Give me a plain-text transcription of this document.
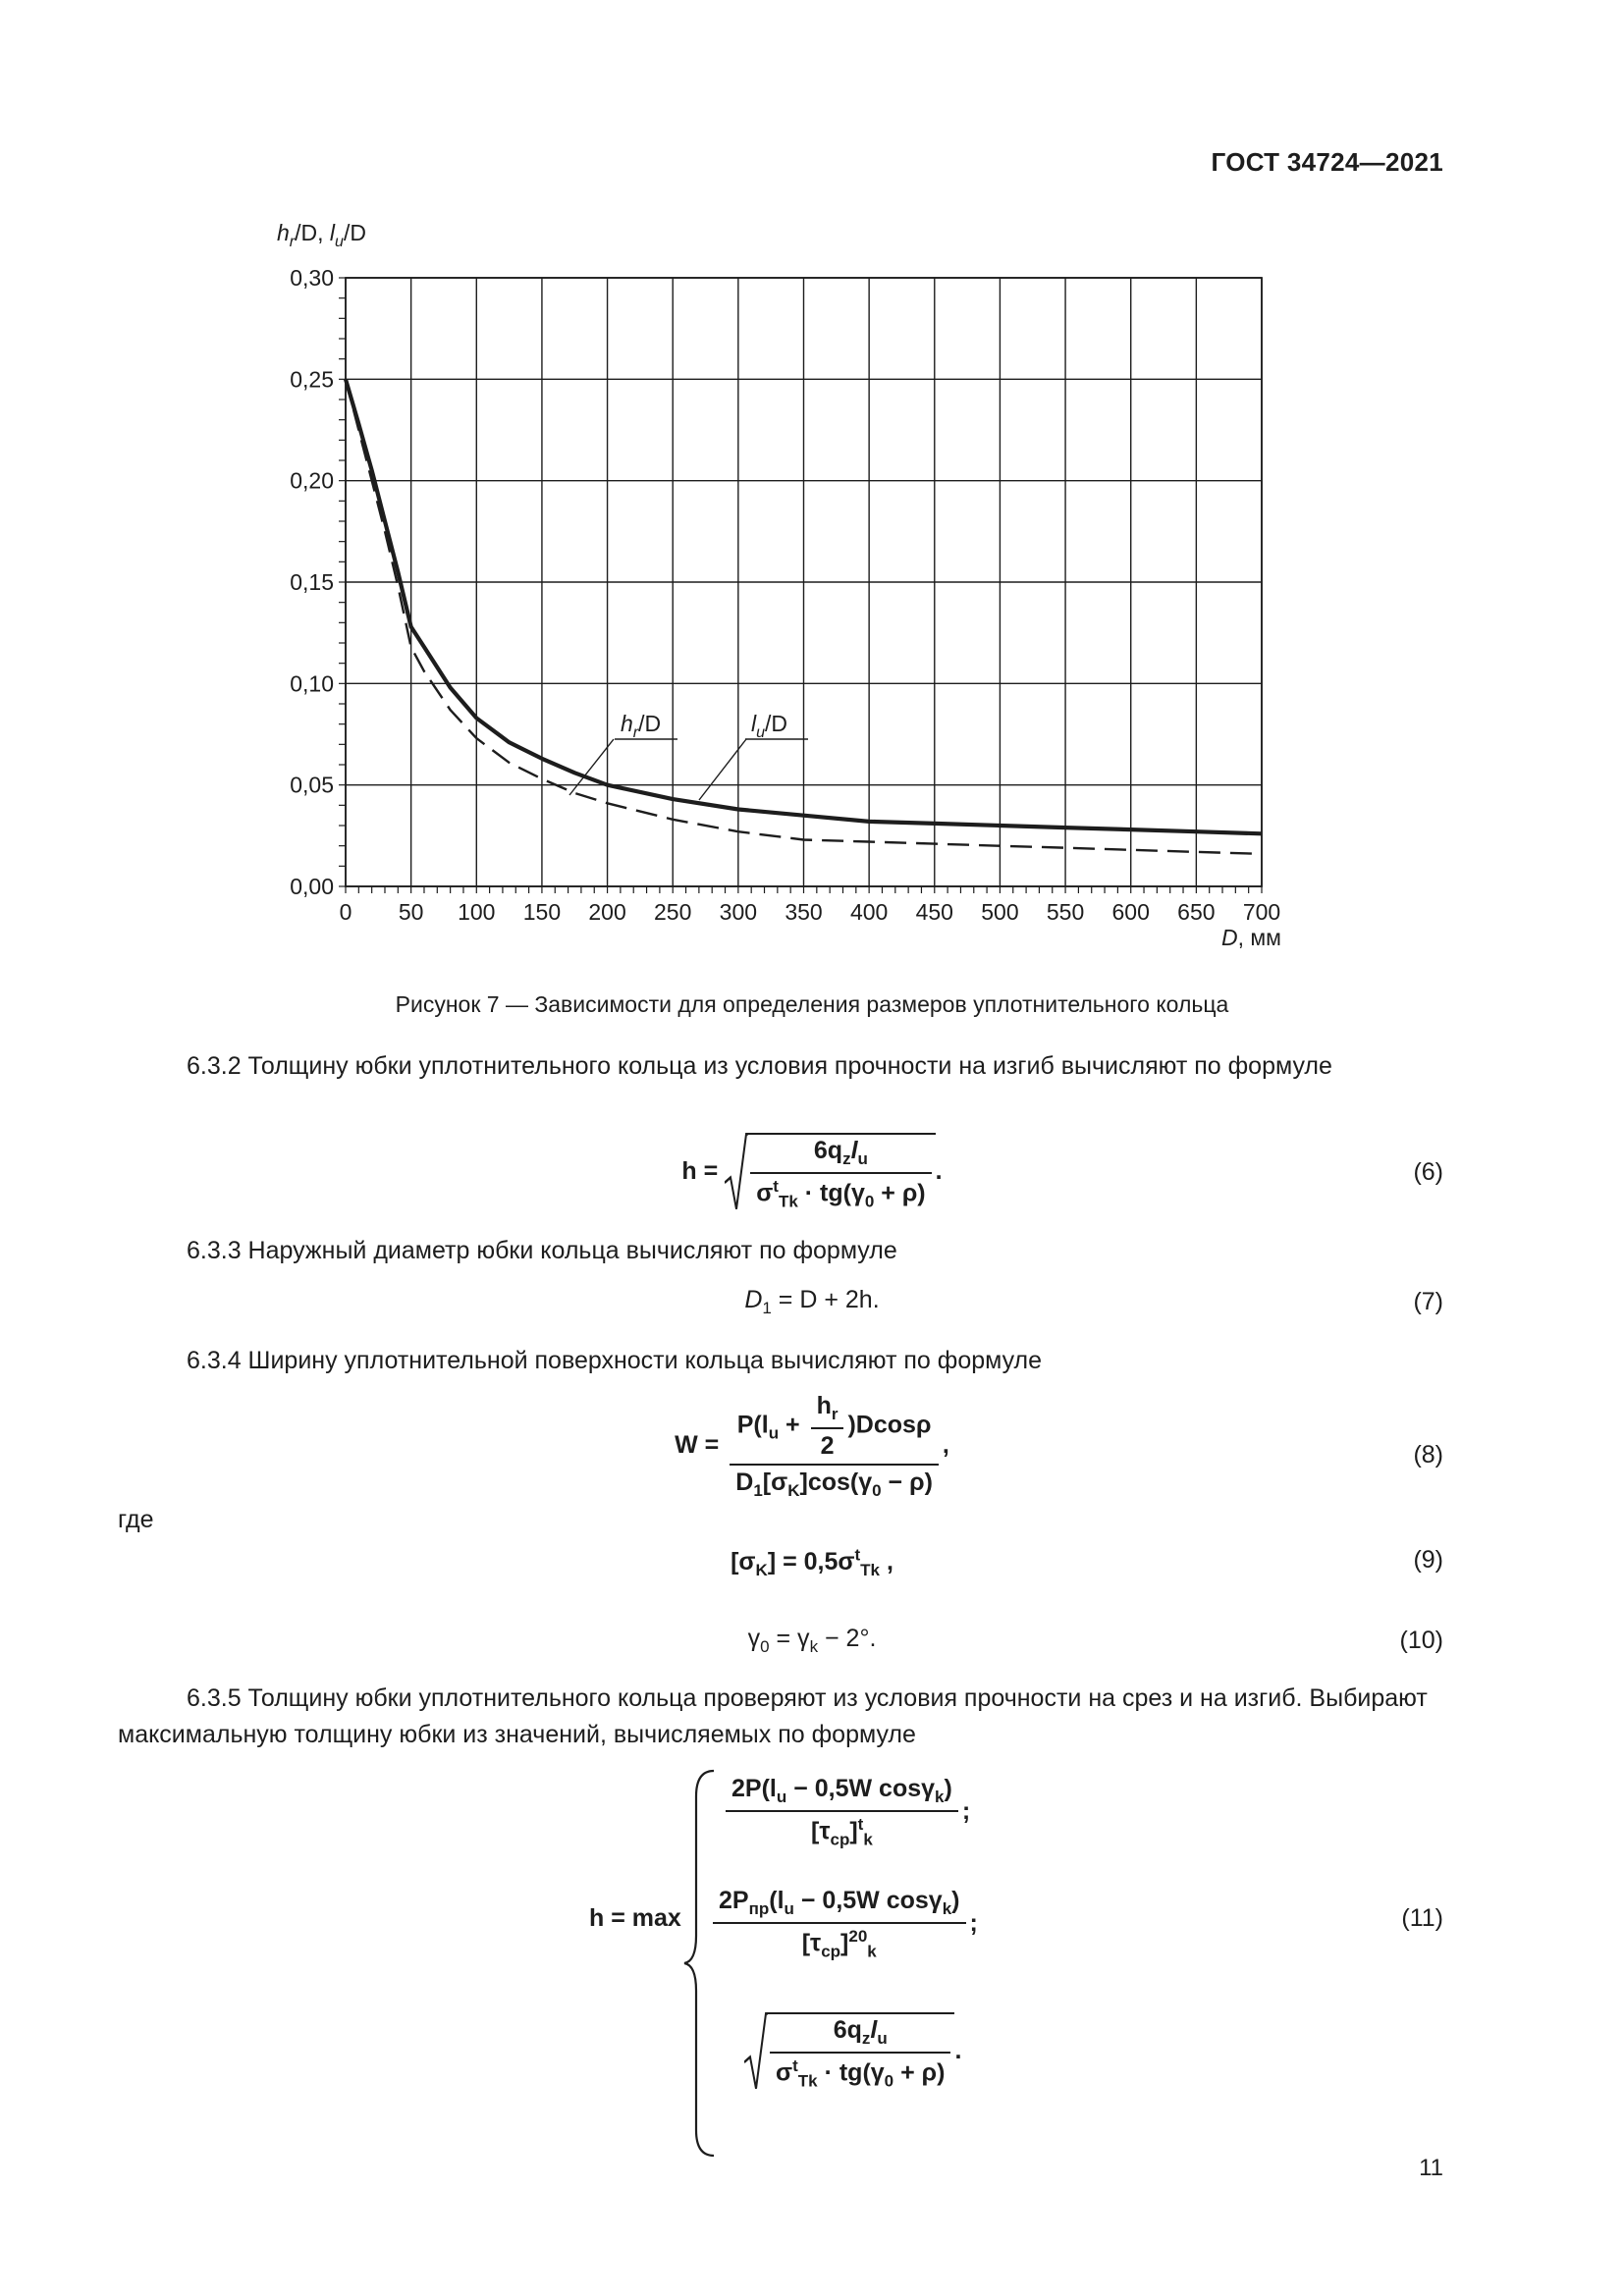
ГОСТ 34724—2021
0,00
0,05
0,10
0,15
0,20
0,25
0,30
0 50 100 150 200 250 300 350 400 450 500 550 600 650 700
$h_r/D$, $l_u/D$
D, мм
$h_r/D$	$l_u/D$
Рисунок 7 — Зависимости для определения размеров уплотнительного кольца
6.3.2 Толщину юбки уплотнительного кольца из условия прочности на изгиб вычисляют по формуле
$h = \frac{6q_zl_u}{\sigma^t_{Tk} \cdot tg(\gamma_0 + \rho)}$ .	(6)
6.3.3 Наружный диаметр юбки кольца вычисляют по формуле
$D_1 = D + 2h$.	(7)
6.3.4 Ширину уплотнительной поверхности кольца вычисляют по формуле
$W = \frac{P(l_u + \frac{h_r}{2} )Dcos\rho}{D_1[\sigma_K]\cos(\gamma_0 - \rho)}$ ,	(8)
где
$[\sigma_K] = 0,5\sigma^t_{Tk}$ ,	(9)
$\gamma_0 = \gamma_k - 2^\circ$.	(10)
6.3.5 Толщину юбки уплотнительного кольца проверяют из условия прочности на срез и на изгиб. Выбирают максимальную толщину юбки из значений, вычисляемых по формуле
h = max
$\frac{2P(l_u - 0,5W \cos\gamma_k)}{[\tau_{ср}]^t_k}$ ;
$\frac{2P_{пр}(l_u - 0,5W \cos\gamma_k)}{[\tau_{ср}]^{20}_k}$ ;
$\frac{6q_zl_u}{\sigma^t_{Tk} \cdot tg(\gamma_0 + \rho)}$ .
(11)
11
